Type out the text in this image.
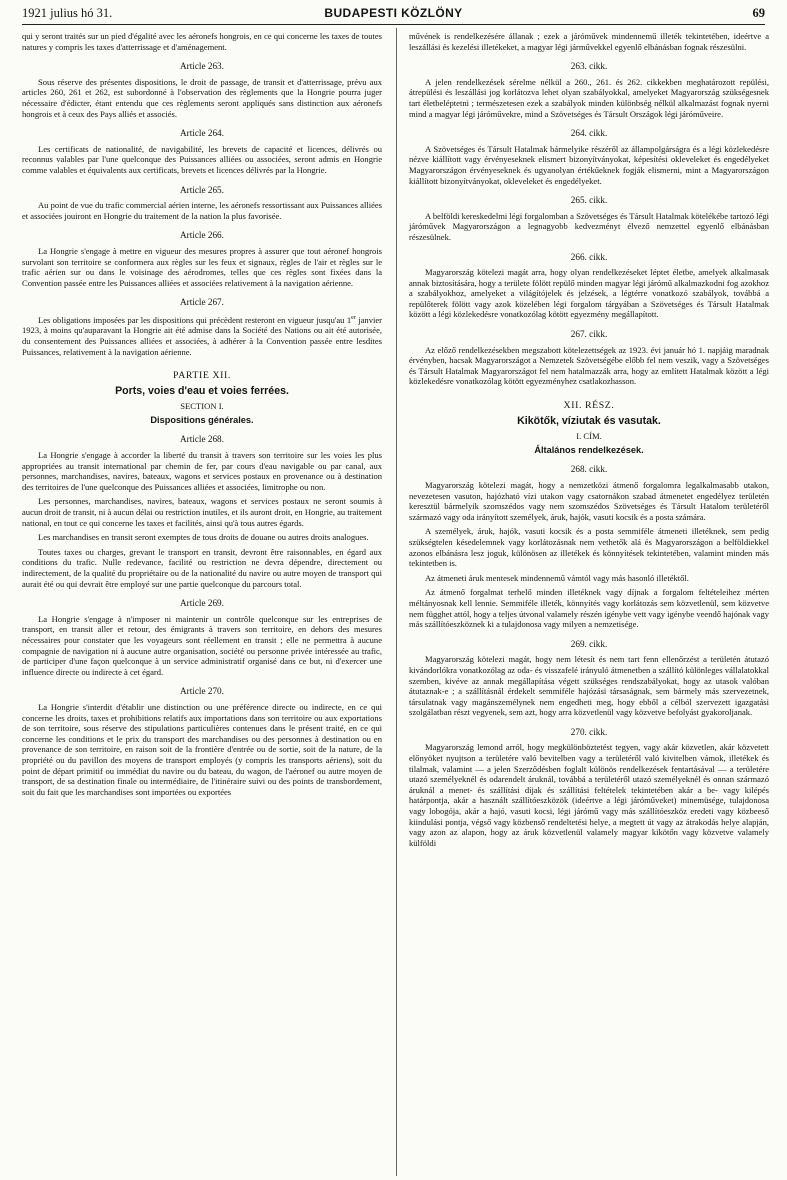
1921 julius hó 31.	BUDAPESTI KÖZLÖNY	69

qui y seront traités sur un pied d'égalité avec les aéronefs hongrois, en ce qui concerne les taxes de toutes natures y compris les taxes d'atterrissage et d'aménagement.

Article 263.

Sous réserve des présentes dispositions, le droit de passage, de transit et d'atterrissage, prévu aux articles 260, 261 et 262, est subordonné à l'observation des règlements que la Hongrie pourra juger nécessaire d'édicter, étant entendu que ces règlements seront appliqués sans distinction aux aéronefs hongrois et à ceux des Pays alliés et associés.

Article 264.

Les certificats de nationalité, de navigabilité, les brevets de capacité et licences, délivrés ou reconnus valables par l'une quelconque des Puissances alliées ou associées, seront admis en Hongrie comme valables et équivalents aux certificats, brevets et licences délivrés par la Hongrie.

Article 265.

Au point de vue du trafic commercial aérien interne, les aéronefs ressortissant aux Puissances alliées et associées jouiront en Hongrie du traitement de la nation la plus favorisée.

Article 266.

La Hongrie s'engage à mettre en vigueur des mesures propres à assurer que tout aéronef hongrois survolant son territoire se conformera aux règles sur les feux et signaux, règles de l'air et règles sur le trafic aérien sur ou dans le voisinage des aérodromes, telles que ces règles sont fixées dans la Convention passée entre les Puissances alliées et associées relativement à la navigation aérienne.

Article 267.

Les obligations imposées par les dispositions qui précèdent resteront en vigueur jusqu'au 1er janvier 1923, à moins qu'auparavant la Hongrie ait été admise dans la Société des Nations ou ait été autorisée, du consentement des Puissances alliées et associées, à adhérer à la Convention passée entre lesdites Puissances, relativement à la navigation aérienne.

PARTIE XII.
Ports, voies d'eau et voies ferrées.
SECTION I.
Dispositions générales.
Article 268.

La Hongrie s'engage à accorder la liberté du transit à travers son territoire sur les voies les plus appropriées au transit international par chemin de fer, par cours d'eau navigable ou par canal, aux personnes, marchandises, navires, bateaux, wagons et services postaux en provenance ou à destination des territoires de l'une quelconque des Puissances alliées et associées, limitrophe ou non.

Les personnes, marchandises, navires, bateaux, wagons et services postaux ne seront soumis à aucun droit de transit, ni à aucun délai ou restriction inutiles, et ils auront droit, en Hongrie, au traitement national, en tout ce qui concerne les taxes et facilités, ainsi qu'à tous autres égards.

Les marchandises en transit seront exemptes de tous droits de douane ou autres droits analogues.

Toutes taxes ou charges, grevant le transport en transit, devront être raisonnables, en égard aux conditions du trafic. Nulle redevance, facilité ou restriction ne devra dépendre, directement ou indirectement, de la qualité du propriétaire ou de la nationalité du navire ou autre moyen de transport qui aurait été ou qui devrait être employé sur une partie quelconque du parcours total.

Article 269.

La Hongrie s'engage à n'imposer ni maintenir un contrôle quelconque sur les entreprises de transport, en transit aller et retour, des émigrants à travers son territoire, en dehors des mesures nécessaires pour constater que les voyageurs sont réellement en transit ; elle ne permettra à aucune compagnie de navigation ni à aucune autre organisation, société ou personne privée intéressée au trafic, de participer d'une façon quelconque à un service administratif organisé dans ce but, ni d'exercer une influence directe ou indirecte à cet égard.

Article 270.

La Hongrie s'interdit d'établir une distinction ou une préférence directe ou indirecte, en ce qui concerne les droits, taxes et prohibitions relatifs aux importations dans son territoire ou aux exportations de son territoire, sous réserve des stipulations particulières contenues dans le présent traité, en ce qui concerne les conditions et le prix du transport des marchandises ou des personnes à destination ou en provenance de son territoire, en raison soit de la frontière d'entrée ou de sortie, soit de la nature, de la propriété ou du pavillon des moyens de transport employés (y compris les transports aériens), soit du point de départ primitif ou immédiat du navire ou du bateau, du wagon, de l'aéronef ou autre moyen de transport, de sa destination finale ou intermédiaire, de l'itinéraire suivi ou des points de transbordement, soit du fait que les marchandises sont importées ou exportées

művének is rendelkezésére állanak ; ezek a járóművek mindennemű illeték tekintetében, ideértve a leszállási és kezelési illetékeket, a magyar légi járművekkel egyenlő elbánásban fognak részesülni.

263. cikk.

A jelen rendelkezések sérelme nélkül a 260., 261. és 262. cikkekben meghatározott repülési, átrepülési és leszállási jog korlátozva lehet olyan szabályokkal, amelyeket Magyarország szükségesnek tart életbeléptetni ; természetesen ezek a szabályok minden különbség nélkül alkalmazást fognak nyerni mind a magyar légi járóművekre, mind a Szövetséges és Társult Országok légi járóműveire.

264. cikk.

A Szövetséges és Társult Hatalmak bármelyike részéről az állampolgárságra és a légi közlekedésre nézve kiállított vagy érvényeseknek elismert bizonyítványokat, képesítési okleveleket és engedélyeket Magyarországon érvényeseknek és ugyanolyan értékűeknek fogják elismerni, mint a Magyarországon kiállított bizonyítványokat, okleveleket és engedélyeket.

265. cikk.

A belföldi kereskedelmi légi forgalomban a Szövetséges és Társult Hatalmak kötelékébe tartozó légi járóművek Magyarországon a legnagyobb kedvezményt élvező nemzettel egyenlő elbánásban részesülnek.

266. cikk.

Magyarország kötelezi magát arra, hogy olyan rendelkezéseket léptet életbe, amelyek alkalmasak annak biztosítására, hogy a területe fölött repülő minden magyar légi járómű alkalmazkodni fog azokhoz a szabályokhoz, amelyeket a világítójelek és jelzések, a légtérre vonatkozó szabályok, továbbá a repülőterek fölött vagy azok közelében légi forgalom tárgyában a Szövetséges és Társult Hatalmak között a légi közlekedésre vonatkozólag kötött egyezmény megállapított.

267. cikk.

Az előző rendelkezésekben megszabott kötelezettségek az 1923. évi január hó 1. napjáig maradnak érvényben, hacsak Magyarországot a Nemzetek Szövetségébe előbb fel nem veszik, vagy a Szövetséges és Társult Hatalmak Magyarországot fel nem hatalmazzák arra, hogy az említett Hatalmak között a légi közlekedésre vonatkozólag kötött egyezményhez csatlakozhasson.

XII. RÉSZ.
Kikötők, víziutak és vasutak.
I. CÍM.
Általános rendelkezések.
268. cikk.

Magyarország kötelezi magát, hogy a nemzetközi átmenő forgalomra legalkalmasabb utakon, nevezetesen vasuton, hajózható vízi utakon vagy csatornákon szabad átmenetet engedélyez területén keresztül bármelyik szomszédos vagy nem szomszédos Szövetséges és Társult Hatalom területéről származó vagy oda irányított személyek, áruk, hajók, vasuti kocsik és a posta számára.

A személyek, áruk, hajók, vasuti kocsik és a posta semmiféle átmeneti illetéknek, sem pedig szükségtelen késedelemnek vagy korlátozásnak nem vethetők alá és Magyarországon a belföldiekkel azonos elbánásra lesz joguk, különösen az illetékek és könnyítések tekintetében, valamint minden más tekintetben is.

Az átmeneti áruk mentesek mindennemű vámtól vagy más hasonló illetéktől.

Az átmenő forgalmat terhelő minden illetéknek vagy díjnak a forgalom feltételeihez mérten méltányosnak kell lennie. Semmiféle illeték, könnyítés vagy korlátozás sem közvetlenül, sem közvetve nem függhet attól, hogy a teljes útvonal valamely részén igénybe vett vagy igénybe veendő hajónak vagy más szállítóeszköznek ki a tulajdonosa vagy milyen a nemzetisége.

269. cikk.

Magyarország kötelezi magát, hogy nem létesít és nem tart fenn ellenőrzést a területén átutazó kivándorlókra vonatkozólag az oda- és visszafelé irányuló átmenetben a szállító különleges vállalatokkal szemben, kivéve az annak megállapítása végett szükséges rendszabályokat, hogy az utasok valóban átutaznak-e ; a szállításnál érdekelt semmiféle hajózási társaságnak, sem bármely más szervezetnek, társulatnak vagy magánszemélynek nem engedheti meg, hogy ebből a célból szervezett igazgatási szolgálatban részt vegyenek, sem azt, hogy arra közvetlenül vagy közvetve befolyást gyakoroljanak.

270. cikk.

Magyarország lemond arról, hogy megkülönböztetést tegyen, vagy akár közvetlen, akár közvetett előnyöket nyujtson a területére való bevitelben vagy a területéről való kivitelben vámok, illetékek és tilalmak, valamint — a jelen Szerződésben foglalt különös rendelkezések fentartásával — a területére utazó személyeknél és odarendelt áruknál, továbbá a területéről utazó személyeknél és onnan származó áruknál a menet- és szállítási díjak és szállítási feltételek tekintetében akár a be- vagy kilépés határpontja, akár a használt szállítóeszközök (ideértve a légi járóműveket) minemüsége, tulajdonosa vagy lobogója, akár a hajó, vasuti kocsi, légi járómű vagy más szállítóeszköz eredeti vagy közbeeső kiindulási pontja, végső vagy közbenső rendeltetési helye, a megtett út vagy az átrakodás helye alapján, vagy azon az alapon, hogy az áruk közvetlenül valamely magyar kikötőn vagy közvetve valamely külföldi
